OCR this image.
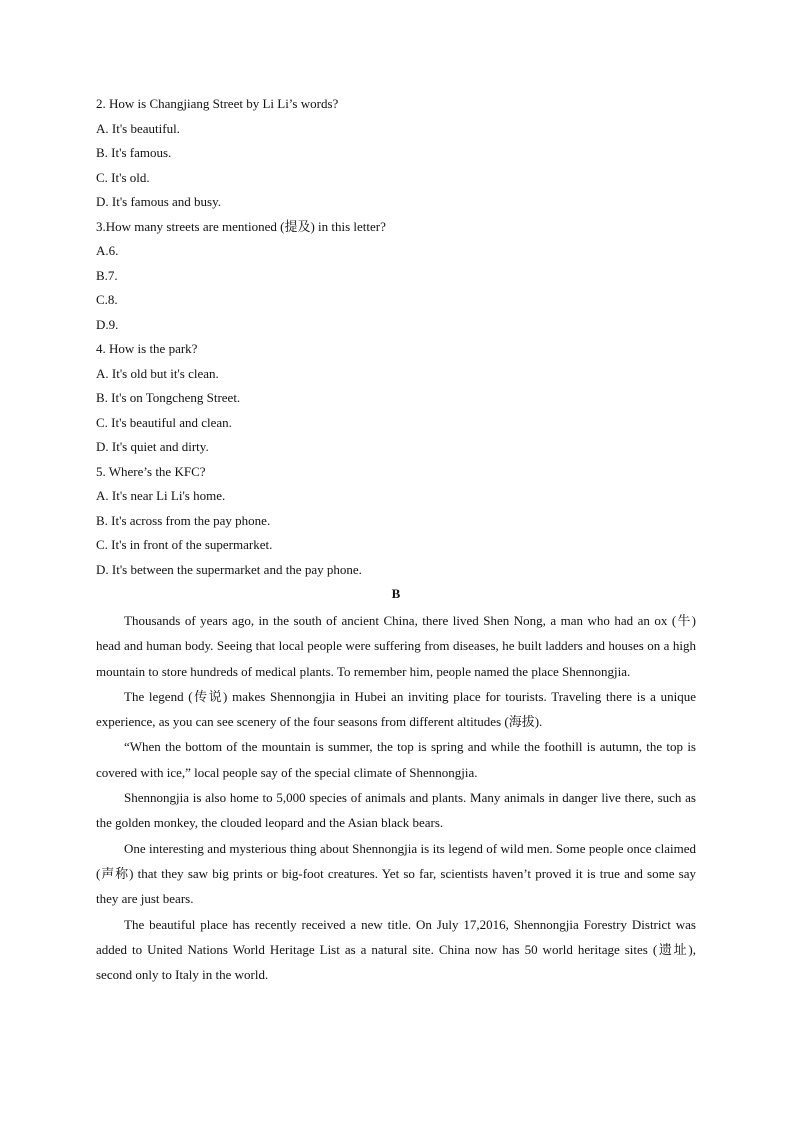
2. How is Changjiang Street by Li Li’s words?
A. It's beautiful.
B. It's famous.
C. It's old.
D. It's famous and busy.
3.How many streets are mentioned (提及) in this letter?
A.6.
B.7.
C.8.
D.9.
4. How is the park?
A. It's old but it's clean.
B. It's on Tongcheng Street.
C. It's beautiful and clean.
D. It's quiet and dirty.
5. Where’s the KFC?
A. It's near Li Li's home.
B. It's across from the pay phone.
C. It's in front of the supermarket.
D. It's between the supermarket and the pay phone.
B

Thousands of years ago, in the south of ancient China, there lived Shen Nong, a man who had an ox (牛) head and human body. Seeing that local people were suffering from diseases, he built ladders and houses on a high mountain to store hundreds of medical plants. To remember him, people named the place Shennongjia.

The legend (传说) makes Shennongjia in Hubei an inviting place for tourists. Traveling there is a unique experience, as you can see scenery of the four seasons from different altitudes (海拔).

“When the bottom of the mountain is summer, the top is spring and while the foothill is autumn, the top is covered with ice,” local people say of the special climate of Shennongjia.

Shennongjia is also home to 5,000 species of animals and plants. Many animals in danger live there, such as the golden monkey, the clouded leopard and the Asian black bears.

One interesting and mysterious thing about Shennongjia is its legend of wild men. Some people once claimed (声称) that they saw big prints or big-foot creatures. Yet so far, scientists haven’t proved it is true and some say they are just bears.

The beautiful place has recently received a new title. On July 17,2016, Shennongjia Forestry District was added to United Nations World Heritage List as a natural site. China now has 50 world heritage sites (遗址), second only to Italy in the world.
